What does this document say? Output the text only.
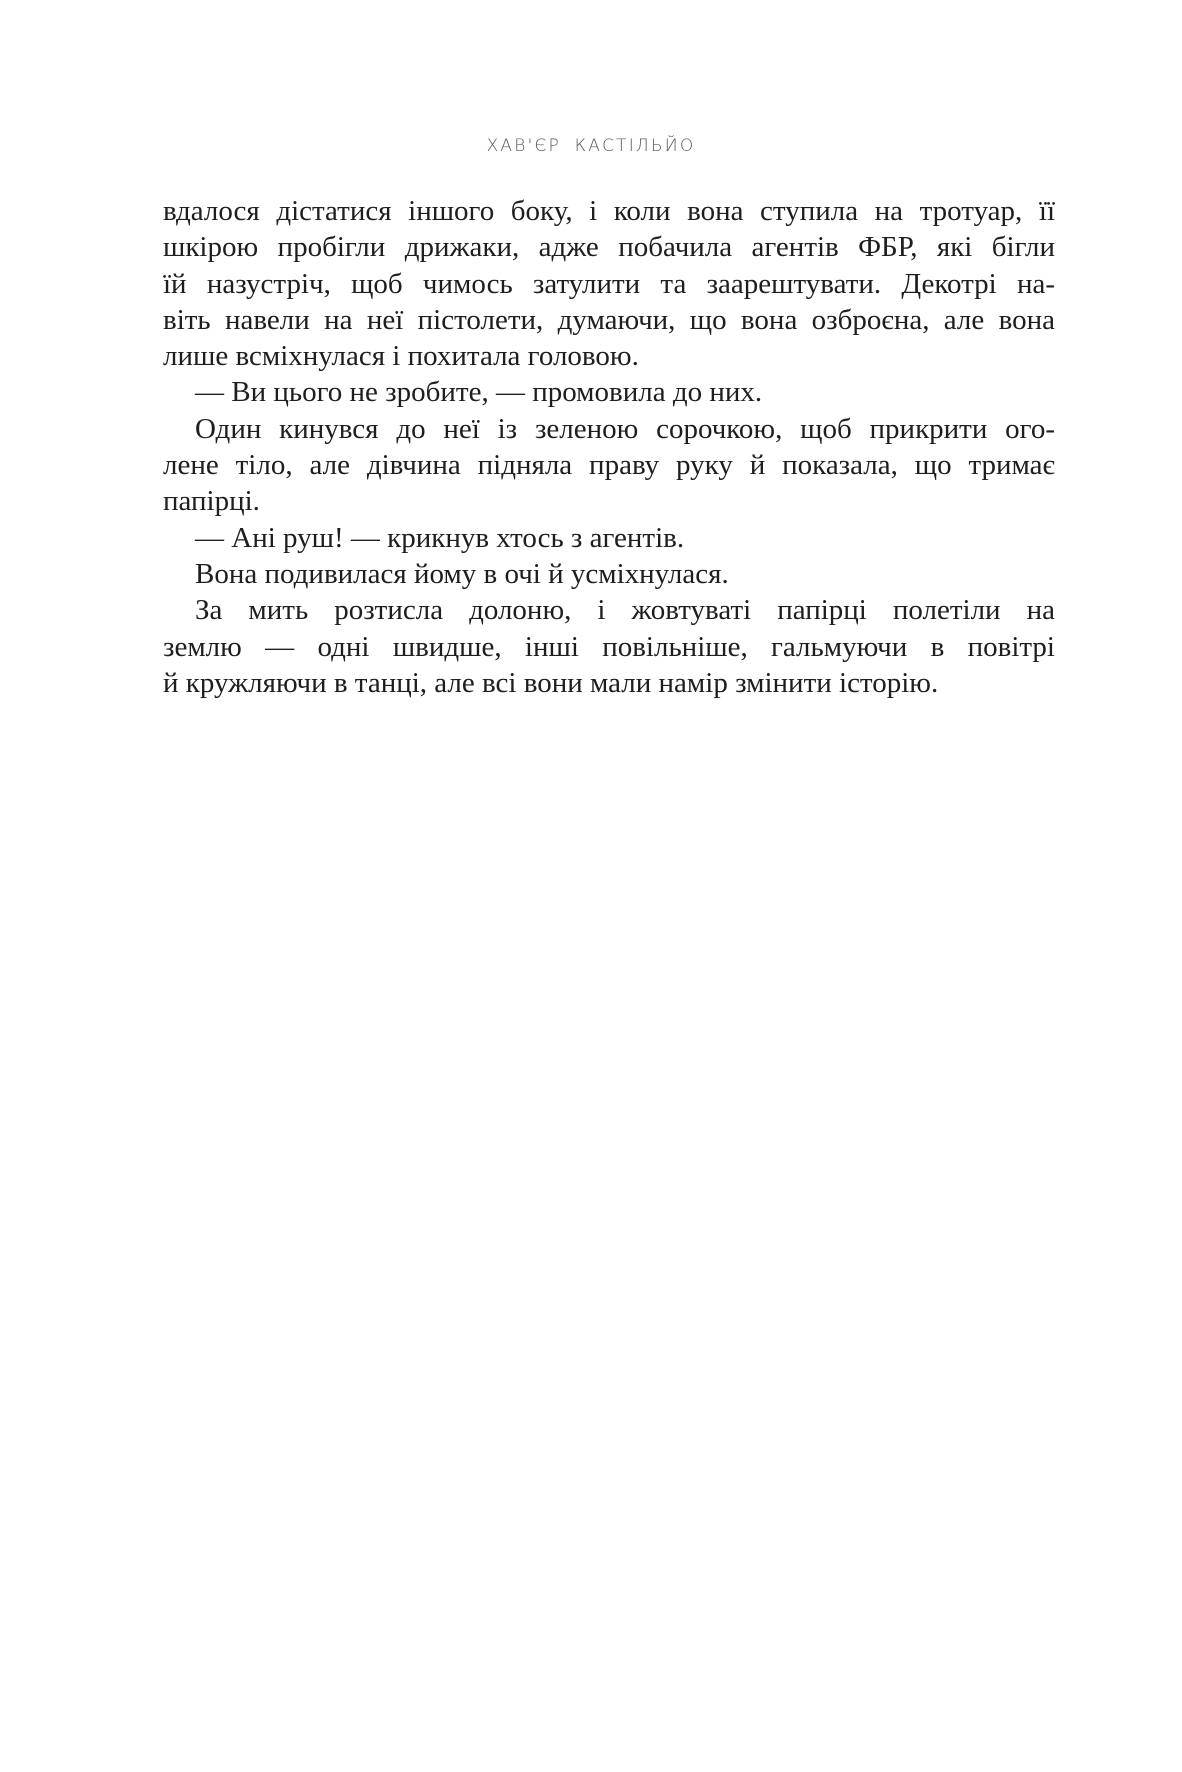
ХАВ'ЄР КАСТІЛЬЙО
вдалося дістатися іншого боку, і коли вона ступила на тротуар, її
шкірою пробігли дрижаки, адже побачила агентів ФБР, які бігли
їй назустріч, щоб чимось затулити та заарештувати. Декотрі на-
віть навели на неї пістолети, думаючи, що вона озброєна, але вона
лише всміхнулася і похитала головою.
— Ви цього не зробите, — промовила до них.
Один кинувся до неї із зеленою сорочкою, щоб прикрити ого-
лене тіло, але дівчина підняла праву руку й показала, що тримає
папірці.
— Ані руш! — крикнув хтось з агентів.
Вона подивилася йому в очі й усміхнулася.
За мить розтисла долоню, і жовтуваті папірці полетіли на
землю — одні швидше, інші повільніше, гальмуючи в повітрі
й кружляючи в танці, але всі вони мали намір змінити історію.
